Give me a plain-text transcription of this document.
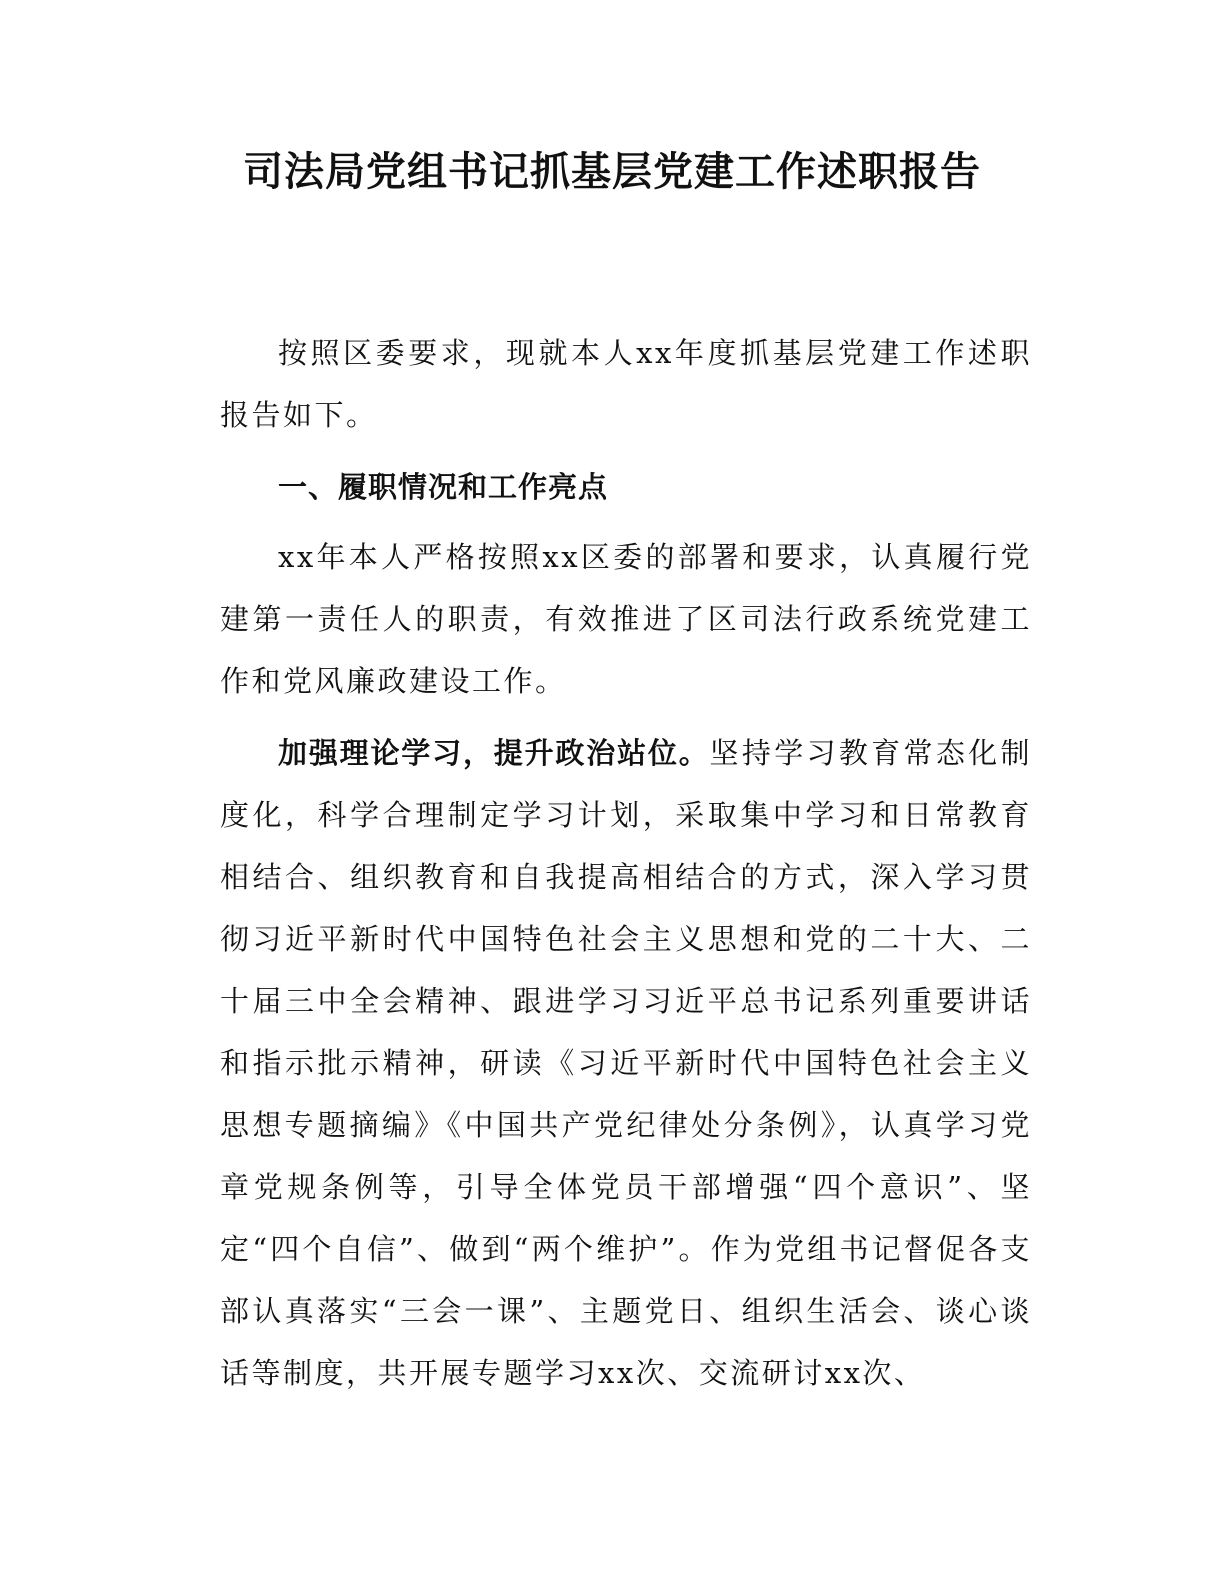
司法局党组书记抓基层党建工作述职报告

按照区委要求，现就本人xx年度抓基层党建工作述职报告如下。

一、履职情况和工作亮点

xx年本人严格按照xx区委的部署和要求，认真履行党建第一责任人的职责，有效推进了区司法行政系统党建工作和党风廉政建设工作。

加强理论学习，提升政治站位。坚持学习教育常态化制度化，科学合理制定学习计划，采取集中学习和日常教育相结合、组织教育和自我提高相结合的方式，深入学习贯彻习近平新时代中国特色社会主义思想和党的二十大、二十届三中全会精神、跟进学习习近平总书记系列重要讲话和指示批示精神，研读《习近平新时代中国特色社会主义思想专题摘编》《中国共产党纪律处分条例》，认真学习党章党规条例等，引导全体党员干部增强“四个意识”、坚定“四个自信”、做到“两个维护”。作为党组书记督促各支部认真落实“三会一课”、主题党日、组织生活会、谈心谈话等制度，共开展专题学习xx次、交流研讨xx次、
